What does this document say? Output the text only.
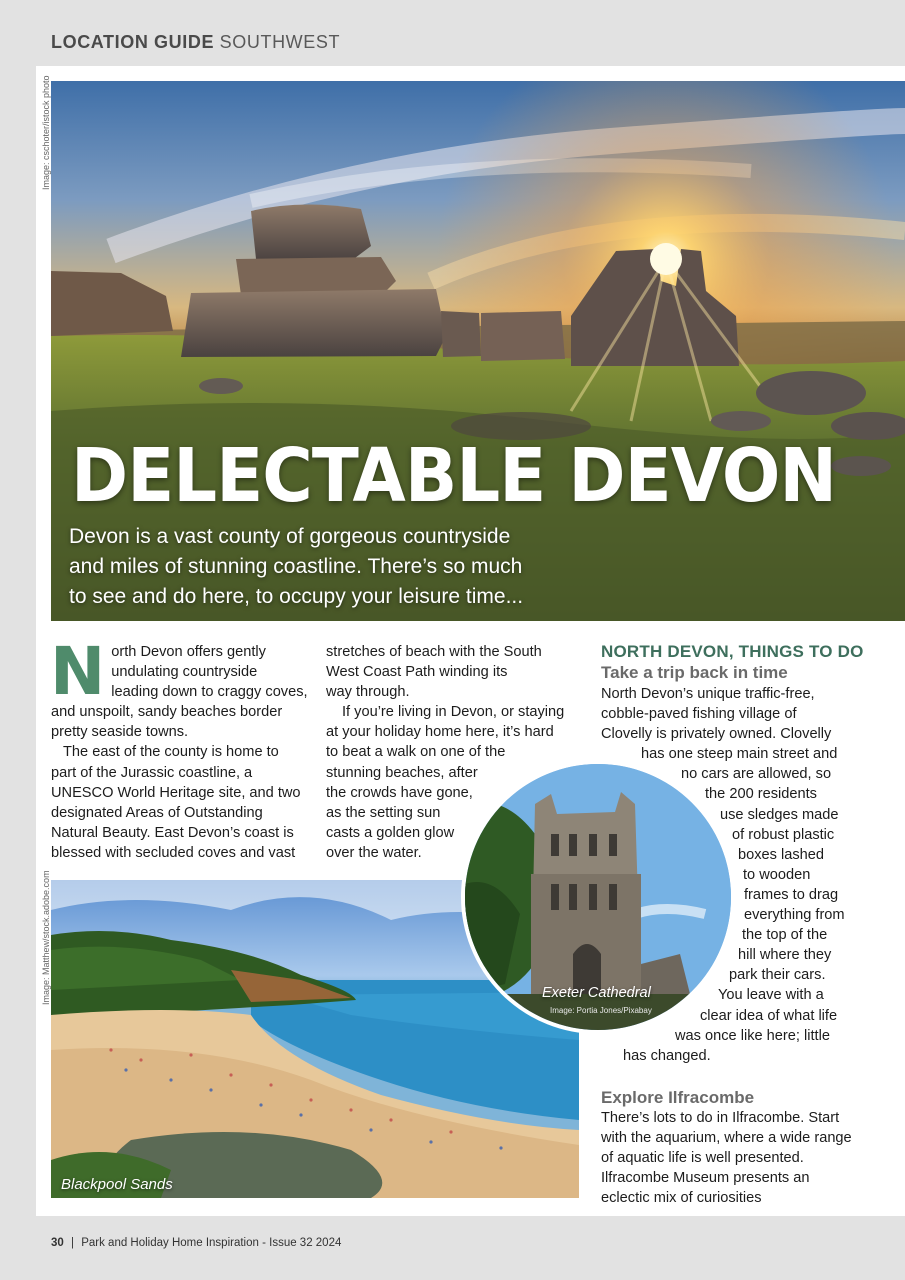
LOCATION GUIDE SOUTHWEST
Image: cschoter/istock photo
DELECTABLE DEVON
Devon is a vast county of gorgeous countryside
and miles of stunning coastline. There’s so much
to see and do here, to occupy your leisure time...
N orth Devon offers gently
undulating countryside
leading down to craggy coves,

and unspoilt, sandy beaches border pretty seaside towns.

The east of the county is home to part of the Jurassic coastline, a UNESCO World Heritage site, and two designated Areas of Outstanding Natural Beauty. East Devon’s coast is blessed with secluded coves and vast

stretches of beach with the South
West Coast Path winding its
way through.
If you’re living in Devon, or staying
at your holiday home here, it’s hard
to beat a walk on one of the
stunning beaches, after
the crowds have gone,
as the setting sun
casts a golden glow
over the water.
Image: Matthew/stock.adobe.com
Blackpool Sands
Exeter Cathedral
Image: Portia Jones/Pixabay
NORTH DEVON, THINGS TO DO
Take a trip back in time
North Devon’s unique traffic-free,
cobble-paved fishing village of
Clovelly is privately owned. Clovelly
has one steep main street and
no cars are allowed, so
the 200 residents
use sledges made
of robust plastic
boxes lashed
to wooden
frames to drag
everything from
the top of the
hill where they
park their cars.
You leave with a
clear idea of what life
was once like here; little
has changed.
Explore Ilfracombe

There’s lots to do in Ilfracombe. Start with the aquarium, where a wide range of aquatic life is well presented. Ilfracombe Museum presents an eclectic mix of curiosities

30 | Park and Holiday Home Inspiration - Issue 32 2024
